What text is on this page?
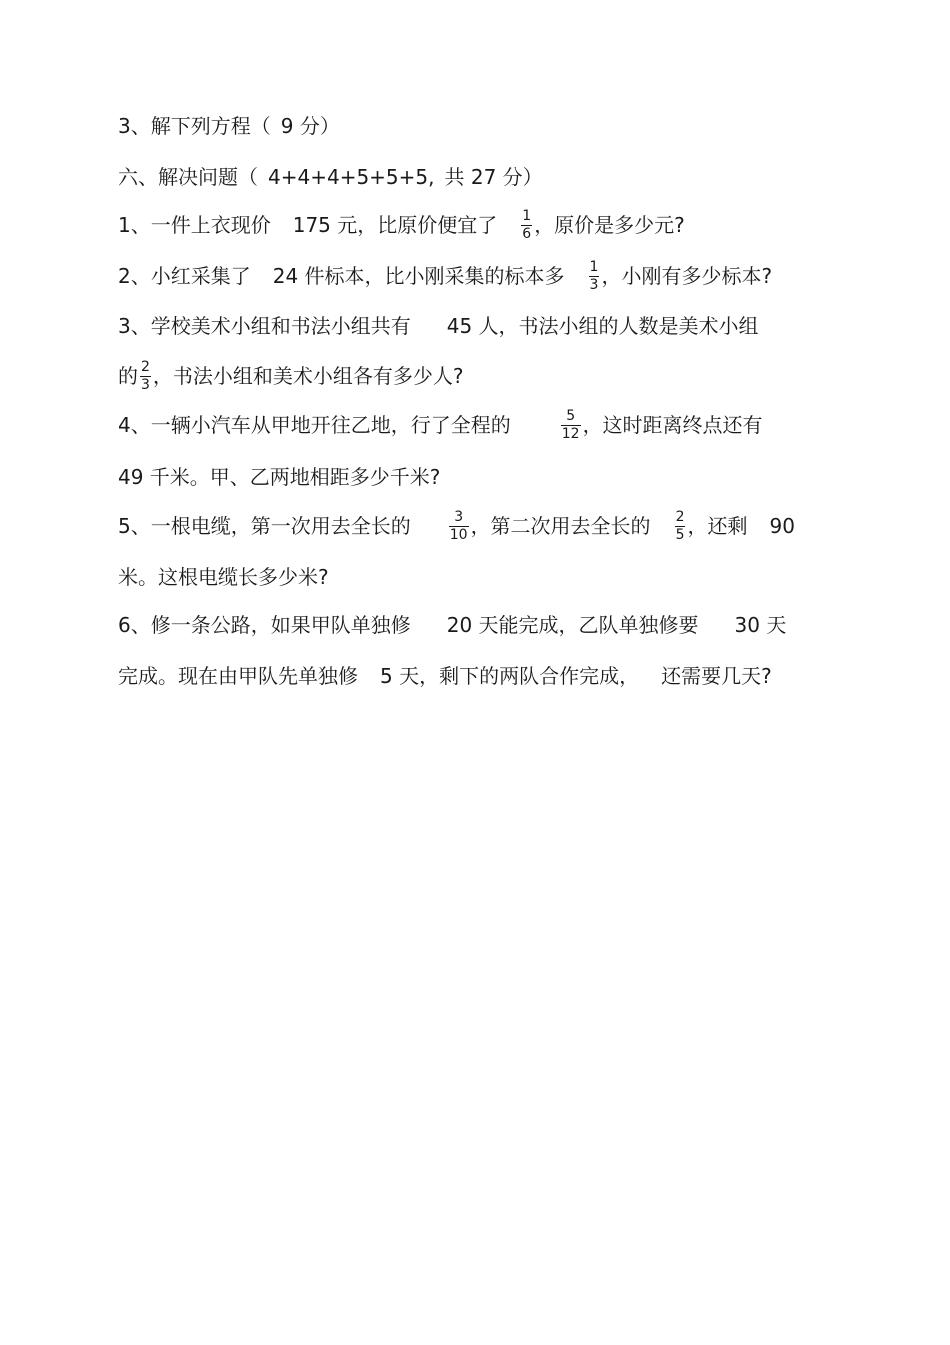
3、解下列方程（ 9 分）
六、解决问题（ 4+4+4+5+5+5, 共 27 分）
1、一件上衣现价 175 元，比原价便宜了 $\frac{1}{6}$ ，原价是多少元?
2、小红采集了 24 件标本，比小刚采集的标本多 $\frac{1}{3}$ ，小刚有多少标本?
3、学校美术小组和书法小组共有 45 人，书法小组的人数是美术小组
的 $\frac{2}{3}$ ，书法小组和美术小组各有多少人?
4、一辆小汽车从甲地开往乙地，行了全程的	$\frac{5}{12}$ ，这时距离终点还有
49 千米。甲、乙两地相距多少千米?
5、一根电缆，第一次用去全长的	$\frac{3}{10}$ ，第二次用去全长的 $\frac{2}{5}$ ，还剩 90
米。这根电缆长多少米?
6、修一条公路，如果甲队单独修 20 天能完成，乙队单独修要 30 天
完成。现在由甲队先单独修 5 天，剩下的两队合作完成， 还需要几天?
